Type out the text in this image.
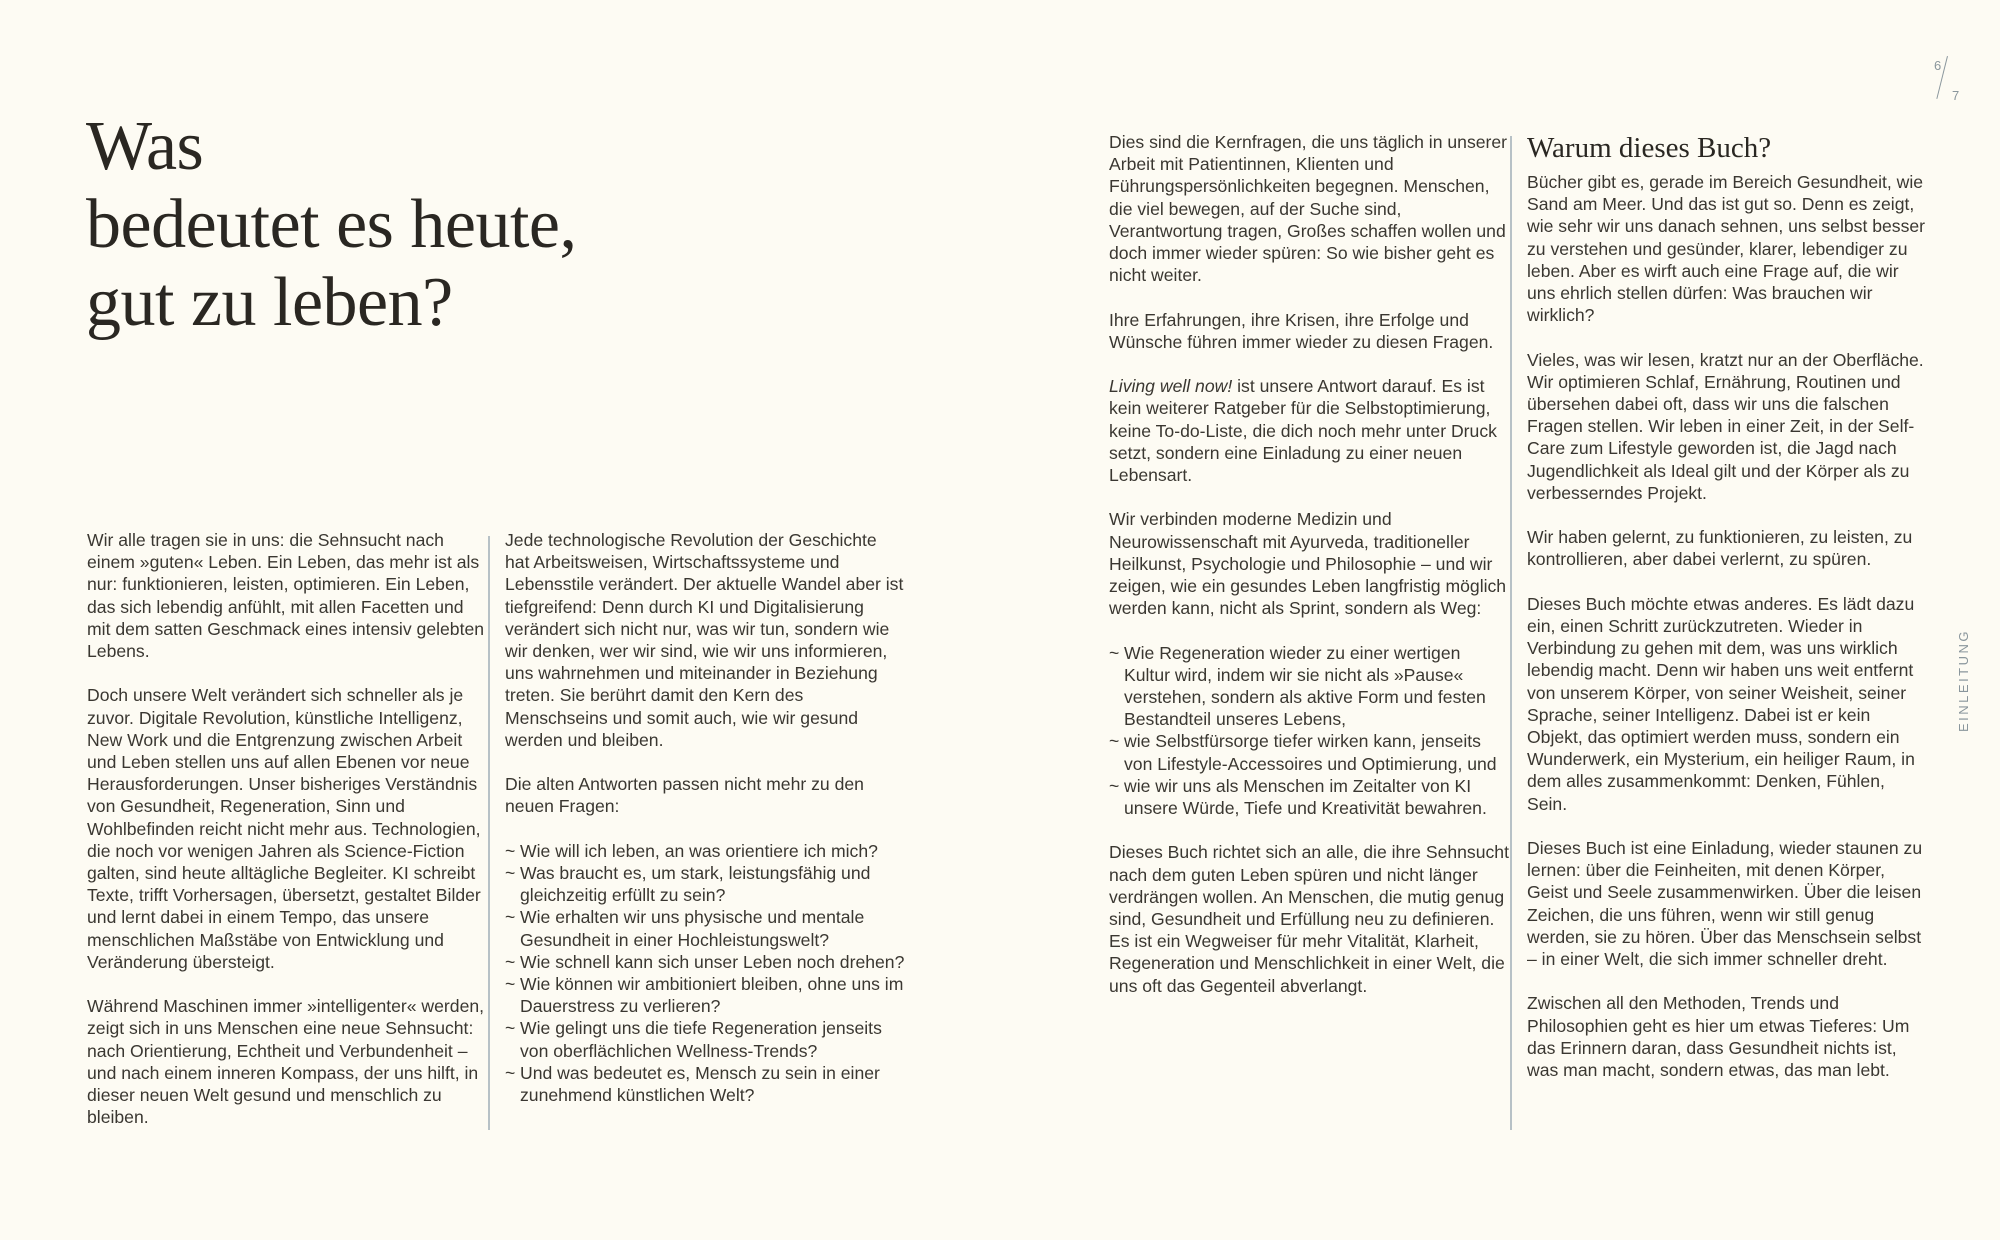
Was
bedeutet es heute,
gut zu leben?

Wir alle tragen sie in uns: die Sehnsucht nach einem »guten« Leben. Ein Leben, das mehr ist als nur: funktionieren, leisten, optimieren. Ein Leben, das sich lebendig anfühlt, mit allen Facetten und mit dem satten Geschmack eines intensiv gelebten Lebens.

Doch unsere Welt verändert sich schneller als je zuvor. Digitale Revolution, künstliche Intelligenz, New Work und die Entgrenzung zwischen Arbeit und Leben stellen uns auf allen Ebenen vor neue Herausforderungen. Unser bisheriges Verständnis von Gesundheit, Regeneration, Sinn und Wohlbefinden reicht nicht mehr aus. Technologien, die noch vor wenigen Jahren als Science-Fiction galten, sind heute alltägliche Begleiter. KI schreibt Texte, trifft Vorhersagen, übersetzt, gestaltet Bilder und lernt dabei in einem Tempo, das unsere menschlichen Maßstäbe von Entwicklung und Veränderung übersteigt.

Während Maschinen immer »intelligenter« werden, zeigt sich in uns Menschen eine neue Sehnsucht: nach Orientierung, Echtheit und Verbundenheit – und nach einem inneren Kompass, der uns hilft, in dieser neuen Welt gesund und menschlich zu bleiben.

Jede technologische Revolution der Geschichte hat Arbeitsweisen, Wirtschaftssysteme und Lebensstile verändert. Der aktuelle Wandel aber ist tiefgreifend: Denn durch KI und Digitalisierung verändert sich nicht nur, was wir tun, sondern wie wir denken, wer wir sind, wie wir uns informieren, uns wahrnehmen und miteinander in Beziehung treten. Sie berührt damit den Kern des Menschseins und somit auch, wie wir gesund werden und bleiben.

Die alten Antworten passen nicht mehr zu den neuen Fragen:

~ Wie will ich leben, an was orientiere ich mich?
~ Was braucht es, um stark, leistungsfähig und gleichzeitig erfüllt zu sein?
~ Wie erhalten wir uns physische und mentale Gesundheit in einer Hochleistungswelt?
~ Wie schnell kann sich unser Leben noch drehen?
~ Wie können wir ambitioniert bleiben, ohne uns im Dauerstress zu verlieren?
~ Wie gelingt uns die tiefe Regeneration jenseits von oberflächlichen Wellness-Trends?
~ Und was bedeutet es, Mensch zu sein in einer zunehmend künstlichen Welt?

Dies sind die Kernfragen, die uns täglich in unserer Arbeit mit Patientinnen, Klienten und Führungspersönlichkeiten begegnen. Menschen, die viel bewegen, auf der Suche sind, Verantwortung tragen, Großes schaffen wollen und doch immer wieder spüren: So wie bisher geht es nicht weiter.

Ihre Erfahrungen, ihre Krisen, ihre Erfolge und Wünsche führen immer wieder zu diesen Fragen.

Living well now! ist unsere Antwort darauf. Es ist kein weiterer Ratgeber für die Selbstoptimierung, keine To-do-Liste, die dich noch mehr unter Druck setzt, sondern eine Einladung zu einer neuen Lebensart.

Wir verbinden moderne Medizin und Neurowissenschaft mit Ayurveda, traditioneller Heilkunst, Psychologie und Philosophie – und wir zeigen, wie ein gesundes Leben langfristig möglich werden kann, nicht als Sprint, sondern als Weg:

~ Wie Regeneration wieder zu einer wertigen Kultur wird, indem wir sie nicht als »Pause« verstehen, sondern als aktive Form und festen Bestandteil unseres Lebens,
~ wie Selbstfürsorge tiefer wirken kann, jenseits von Lifestyle-Accessoires und Optimierung, und
~ wie wir uns als Menschen im Zeitalter von KI unsere Würde, Tiefe und Kreativität bewahren.

Dieses Buch richtet sich an alle, die ihre Sehnsucht nach dem guten Leben spüren und nicht länger verdrängen wollen. An Menschen, die mutig genug sind, Gesundheit und Erfüllung neu zu definieren. Es ist ein Wegweiser für mehr Vitalität, Klarheit, Regeneration und Menschlichkeit in einer Welt, die uns oft das Gegenteil abverlangt.

Warum dieses Buch?

Bücher gibt es, gerade im Bereich Gesundheit, wie Sand am Meer. Und das ist gut so. Denn es zeigt, wie sehr wir uns danach sehnen, uns selbst besser zu verstehen und gesünder, klarer, lebendiger zu leben. Aber es wirft auch eine Frage auf, die wir uns ehrlich stellen dürfen: Was brauchen wir wirklich?

Vieles, was wir lesen, kratzt nur an der Oberfläche. Wir optimieren Schlaf, Ernährung, Routinen und übersehen dabei oft, dass wir uns die falschen Fragen stellen. Wir leben in einer Zeit, in der Self-Care zum Lifestyle geworden ist, die Jagd nach Jugendlichkeit als Ideal gilt und der Körper als zu verbesserndes Projekt.

Wir haben gelernt, zu funktionieren, zu leisten, zu kontrollieren, aber dabei verlernt, zu spüren.

Dieses Buch möchte etwas anderes. Es lädt dazu ein, einen Schritt zurückzutreten. Wieder in Verbindung zu gehen mit dem, was uns wirklich lebendig macht. Denn wir haben uns weit entfernt von unserem Körper, von seiner Weisheit, seiner Sprache, seiner Intelligenz. Dabei ist er kein Objekt, das optimiert werden muss, sondern ein Wunderwerk, ein Mysterium, ein heiliger Raum, in dem alles zusammenkommt: Denken, Fühlen, Sein.

Dieses Buch ist eine Einladung, wieder staunen zu lernen: über die Feinheiten, mit denen Körper, Geist und Seele zusammenwirken. Über die leisen Zeichen, die uns führen, wenn wir still genug werden, sie zu hören. Über das Menschsein selbst – in einer Welt, die sich immer schneller dreht.

Zwischen all den Methoden, Trends und Philosophien geht es hier um etwas Tieferes: Um das Erinnern daran, dass Gesundheit nichts ist, was man macht, sondern etwas, das man lebt.

6
7
EINLEITUNG
